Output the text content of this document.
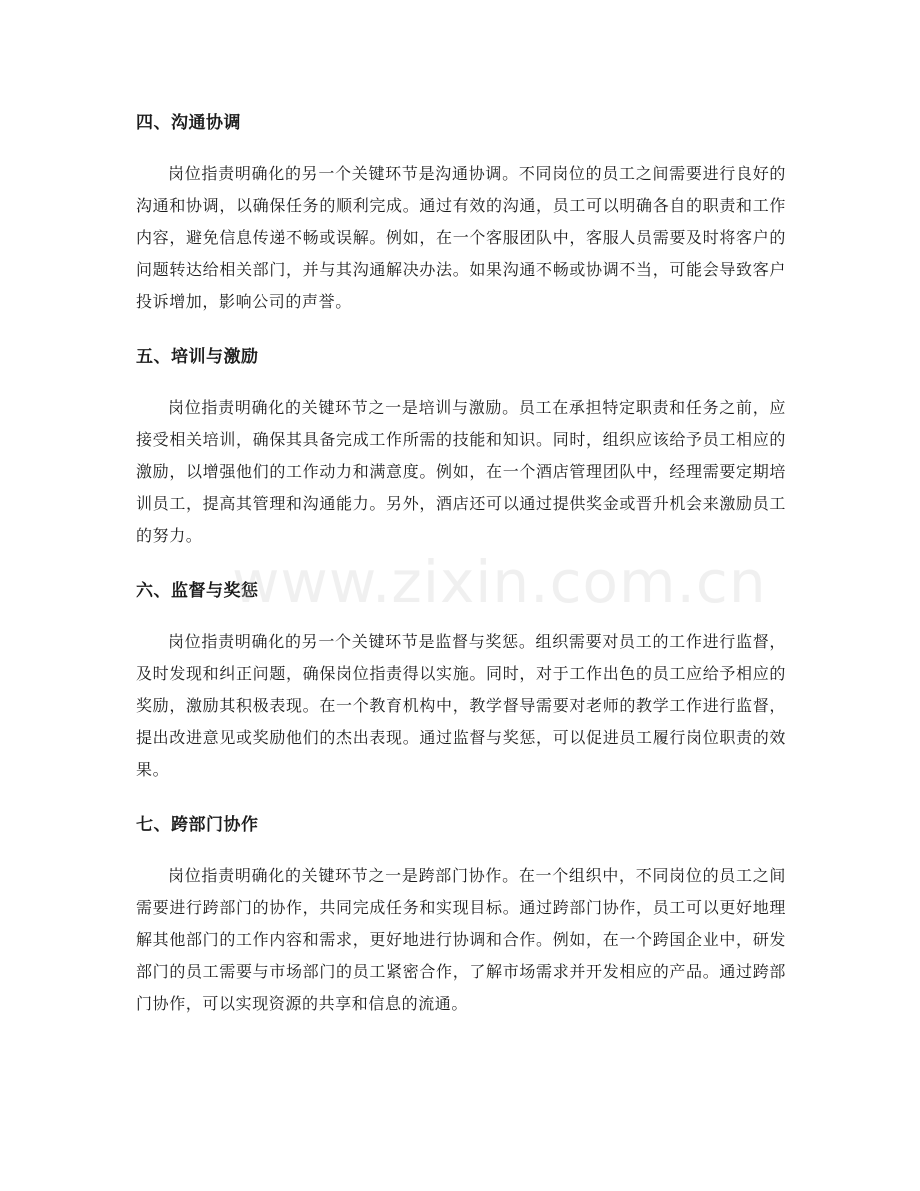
四、沟通协调

岗位指责明确化的另一个关键环节是沟通协调。不同岗位的员工之间需要进行良好的沟通和协调，以确保任务的顺利完成。通过有效的沟通，员工可以明确各自的职责和工作内容，避免信息传递不畅或误解。例如，在一个客服团队中，客服人员需要及时将客户的问题转达给相关部门，并与其沟通解决办法。如果沟通不畅或协调不当，可能会导致客户投诉增加，影响公司的声誉。

五、培训与激励

岗位指责明确化的关键环节之一是培训与激励。员工在承担特定职责和任务之前，应接受相关培训，确保其具备完成工作所需的技能和知识。同时，组织应该给予员工相应的激励，以增强他们的工作动力和满意度。例如，在一个酒店管理团队中，经理需要定期培训员工，提高其管理和沟通能力。另外，酒店还可以通过提供奖金或晋升机会来激励员工的努力。

六、监督与奖惩

岗位指责明确化的另一个关键环节是监督与奖惩。组织需要对员工的工作进行监督，及时发现和纠正问题，确保岗位指责得以实施。同时，对于工作出色的员工应给予相应的奖励，激励其积极表现。在一个教育机构中，教学督导需要对老师的教学工作进行监督，提出改进意见或奖励他们的杰出表现。通过监督与奖惩，可以促进员工履行岗位职责的效果。

七、跨部门协作

岗位指责明确化的关键环节之一是跨部门协作。在一个组织中，不同岗位的员工之间需要进行跨部门的协作，共同完成任务和实现目标。通过跨部门协作，员工可以更好地理解其他部门的工作内容和需求，更好地进行协调和合作。例如，在一个跨国企业中，研发部门的员工需要与市场部门的员工紧密合作，了解市场需求并开发相应的产品。通过跨部门协作，可以实现资源的共享和信息的流通。

www.zixin.com.cn
